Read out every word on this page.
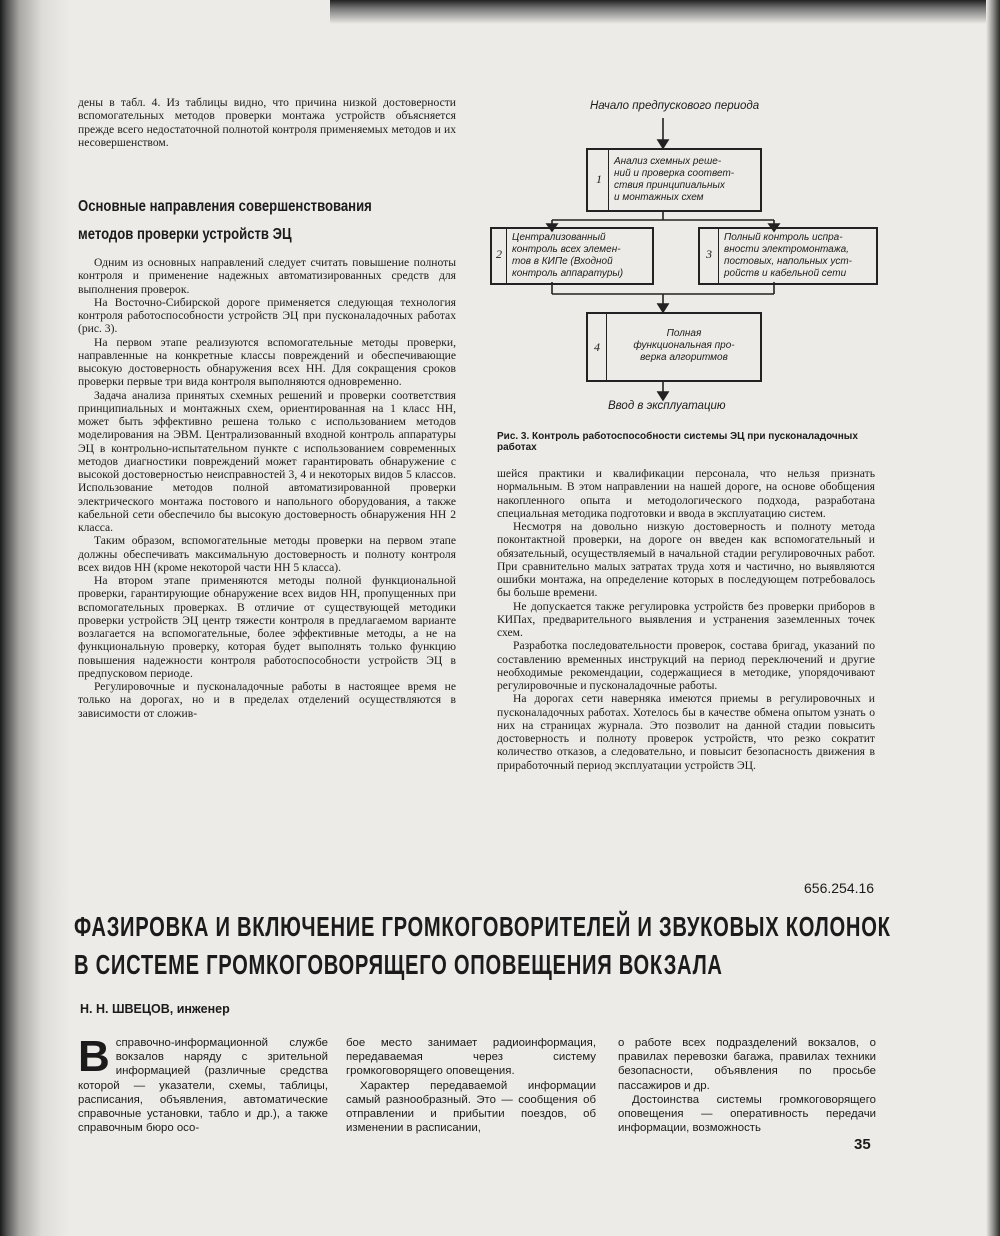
дены в табл. 4. Из таблицы видно, что причина низкой достоверности вспомогательных методов проверки монтажа устройств объясняется прежде всего недостаточной полнотой контроля применяемых методов и их несовершенством.

Одним из основных направлений следует считать повышение полноты контроля и применение надежных автоматизированных средств для выполнения проверок.

На Восточно-Сибирской дороге применяется следующая технология контроля работоспособности устройств ЭЦ при пусконаладочных работах (рис. 3).

На первом этапе реализуются вспомогательные методы проверки, направленные на конкретные классы повреждений и обеспечивающие высокую достоверность обнаружения всех НН. Для сокращения сроков проверки первые три вида контроля выполняются одновременно.

Задача анализа принятых схемных решений и проверки соответствия принципиальных и монтажных схем, ориентированная на 1 класс НН, может быть эффективно решена только с использованием методов моделирования на ЭВМ. Централизованный входной контроль аппаратуры ЭЦ в контрольно-испытательном пункте с использованием современных методов диагностики повреждений может гарантировать обнаружение с высокой достоверностью неисправностей 3, 4 и некоторых видов 5 классов. Использование методов полной автоматизированной проверки электрического монтажа постового и напольного оборудования, а также кабельной сети обеспечило бы высокую достоверность обнаружения НН 2 класса.

Таким образом, вспомогательные методы проверки на первом этапе должны обеспечивать максимальную достоверность и полноту контроля всех видов НН (кроме некоторой части НН 5 класса).

На втором этапе применяются методы полной функциональной проверки, гарантирующие обнаружение всех видов НН, пропущенных при вспомогательных проверках. В отличие от существующей методики проверки устройств ЭЦ центр тяжести контроля в предлагаемом варианте возлагается на вспомогательные, более эффективные методы, а не на функциональную проверку, которая будет выполнять только функцию повышения надежности контроля работоспособности устройств ЭЦ в предпусковом периоде.

Регулировочные и пусконаладочные работы в настоящее время не только на дорогах, но и в пределах отделений осуществляются в зависимости от сложив-

Основные направления совершенствования
методов проверки устройств ЭЦ
Начало предпускового периода
1
Анализ схемных реше-
ний и проверка соответ-
ствия принципиальных
и монтажных схем
2
Централизованный
контроль всех элемен-
тов в КИПе (Входной
контроль аппаратуры)
3
Полный контроль испра-
вности электромонтажа,
постовых, напольных уст-
ройств и кабельной сети
4
Полная
функциональная про-
верка алгоритмов
Ввод в эксплуатацию
Рис. 3. Контроль работоспособности системы ЭЦ при пусконаладочных работах

шейся практики и квалификации персонала, что нельзя признать нормальным. В этом направлении на нашей дороге, на основе обобщения накопленного опыта и методологического подхода, разработана специальная методика подготовки и ввода в эксплуатацию систем.

Несмотря на довольно низкую достоверность и полноту метода поконтактной проверки, на дороге он введен как вспомогательный и обязательный, осуществляемый в начальной стадии регулировочных работ. При сравнительно малых затратах труда хотя и частично, но выявляются ошибки монтажа, на определение которых в последующем потребовалось бы больше времени.

Не допускается также регулировка устройств без проверки приборов в КИПах, предварительного выявления и устранения заземленных точек схем.

Разработка последовательности проверок, состава бригад, указаний по составлению временных инструкций на период переключений и другие необходимые рекомендации, содержащиеся в методике, упорядочивают регулировочные и пусконаладочные работы.

На дорогах сети наверняка имеются приемы в регулировочных и пусконаладочных работах. Хотелось бы в качестве обмена опытом узнать о них на страницах журнала. Это позволит на данной стадии повысить достоверность и полноту проверок устройств, что резко сократит количество отказов, а следовательно, и повысит безопасность движения в приработочный период эксплуатации устройств ЭЦ.

656.254.16
ФАЗИРОВКА И ВКЛЮЧЕНИЕ ГРОМКОГОВОРИТЕЛЕЙ И ЗВУКОВЫХ КОЛОНОК
В СИСТЕМЕ ГРОМКОГОВОРЯЩЕГО ОПОВЕЩЕНИЯ ВОКЗАЛА
Н. Н. ШВЕЦОВ, инженер
В справочно-информационной службе вокзалов наряду с зрительной информацией (различные средства которой — указатели, схемы, таблицы, расписания, объявления, автоматические справочные установки, табло и др.), а также справочным бюро осо-

бое место занимает радиоинформация, передаваемая через систему громкоговорящего оповещения.

Характер передаваемой информации самый разнообразный. Это — сообщения об отправлении и прибытии поездов, об изменении в расписании,

о работе всех подразделений вокзалов, о правилах перевозки багажа, правилах техники безопасности, объявления по просьбе пассажиров и др.

Достоинства системы громкоговорящего оповещения — оперативность передачи информации, возможность

35
